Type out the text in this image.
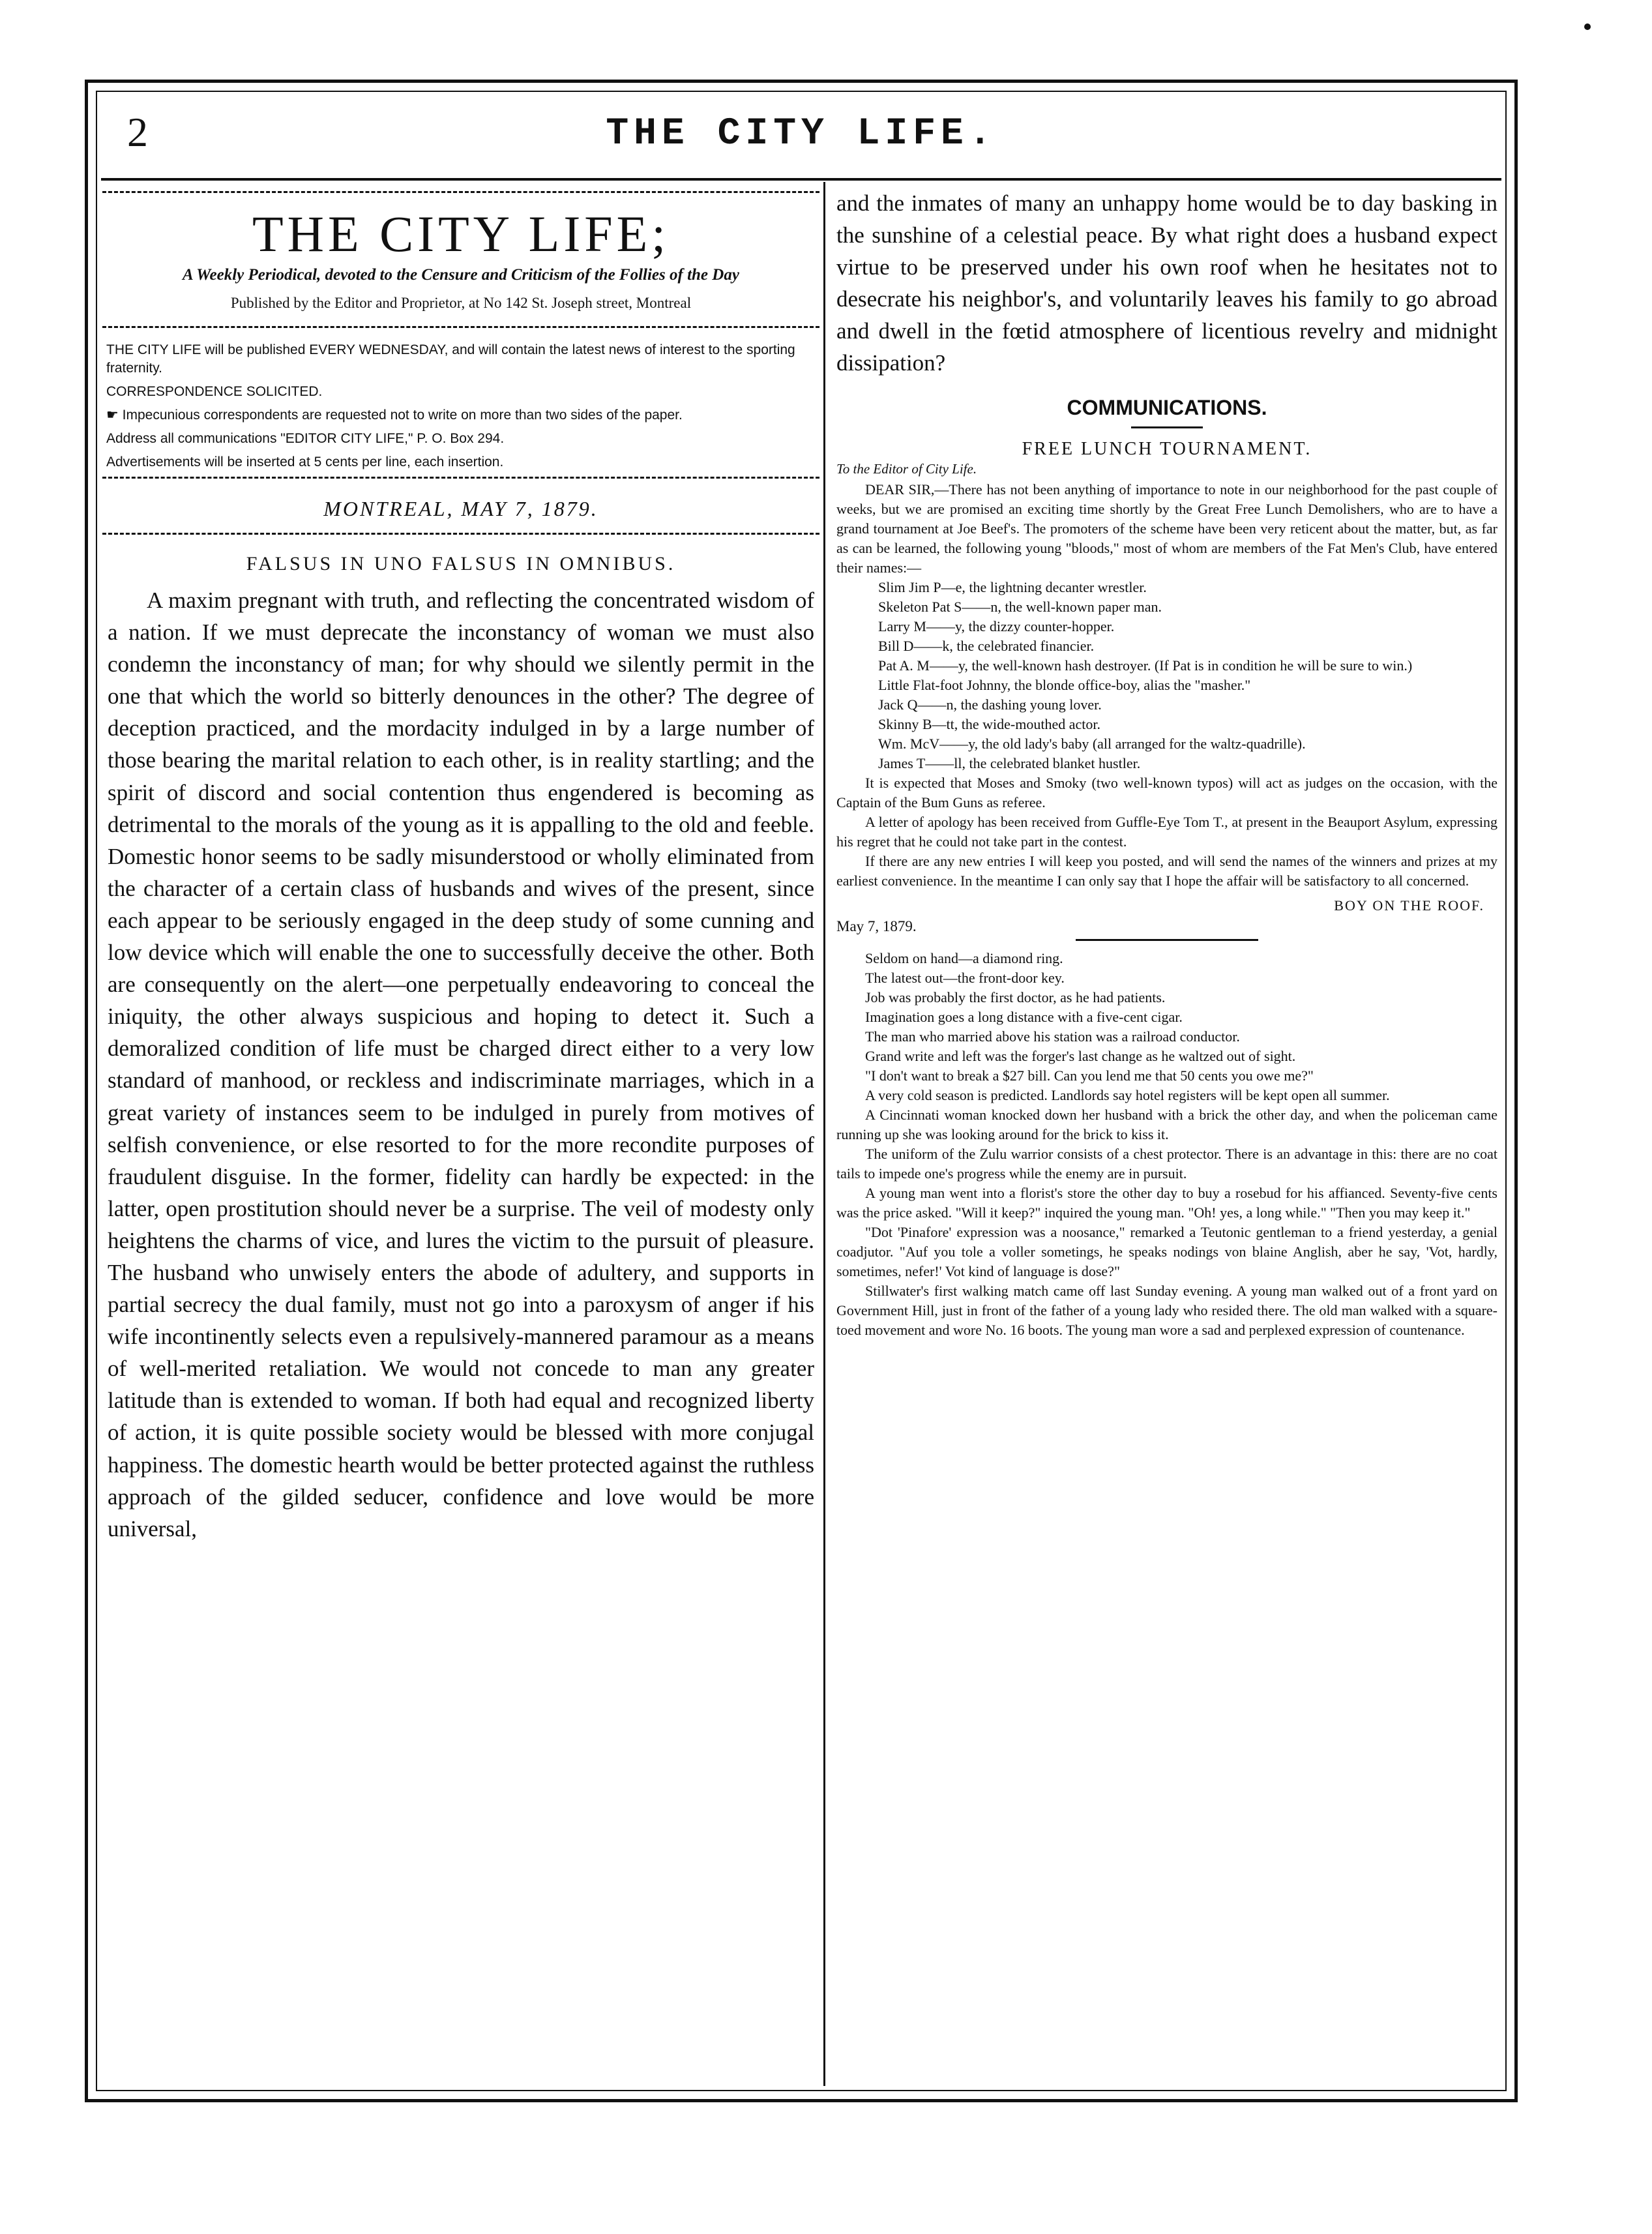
2	THE CITY LIFE.
THE CITY LIFE;
A Weekly Periodical, devoted to the Censure and Criticism of the Follies of the Day
Published by the Editor and Proprietor, at No 142 St. Joseph street, Montreal
THE CITY LIFE will be published EVERY WEDNESDAY, and will contain the latest news of interest to the sporting fraternity.
CORRESPONDENCE SOLICITED.
☛ Impecunious correspondents are requested not to write on more than two sides of the paper.
Address all communications "EDITOR CITY LIFE," P. O. Box 294.
Advertisements will be inserted at 5 cents per line, each insertion.
MONTREAL, MAY 7, 1879.
FALSUS IN UNO FALSUS IN OMNIBUS.

A maxim pregnant with truth, and reflecting the concentrated wisdom of a nation. If we must deprecate the inconstancy of woman we must also condemn the inconstancy of man; for why should we silently permit in the one that which the world so bitterly denounces in the other? The degree of deception practiced, and the mordacity indulged in by a large number of those bearing the marital relation to each other, is in reality startling; and the spirit of discord and social contention thus engendered is becoming as detrimental to the morals of the young as it is appalling to the old and feeble. Domestic honor seems to be sadly misunderstood or wholly eliminated from the character of a certain class of husbands and wives of the present, since each appear to be seriously engaged in the deep study of some cunning and low device which will enable the one to successfully deceive the other. Both are consequently on the alert—one perpetually endeavoring to conceal the iniquity, the other always suspicious and hoping to detect it. Such a demoralized condition of life must be charged direct either to a very low standard of manhood, or reckless and indiscriminate marriages, which in a great variety of instances seem to be indulged in purely from motives of selfish convenience, or else resorted to for the more recondite purposes of fraudulent disguise. In the former, fidelity can hardly be expected: in the latter, open prostitution should never be a surprise. The veil of modesty only heightens the charms of vice, and lures the victim to the pursuit of pleasure. The husband who unwisely enters the abode of adultery, and supports in partial secrecy the dual family, must not go into a paroxysm of anger if his wife incontinently selects even a repulsively-mannered paramour as a means of well-merited retaliation. We would not concede to man any greater latitude than is extended to woman. If both had equal and recognized liberty of action, it is quite possible society would be blessed with more conjugal happiness. The domestic hearth would be better protected against the ruthless approach of the gilded seducer, confidence and love would be more universal,

and the inmates of many an unhappy home would be to day basking in the sunshine of a celestial peace. By what right does a husband expect virtue to be preserved under his own roof when he hesitates not to desecrate his neighbor's, and voluntarily leaves his family to go abroad and dwell in the fœtid atmosphere of licentious revelry and midnight dissipation?
COMMUNICATIONS.
FREE LUNCH TOURNAMENT.
To the Editor of City Life.

DEAR SIR,—There has not been anything of importance to note in our neighborhood for the past couple of weeks, but we are promised an exciting time shortly by the Great Free Lunch Demolishers, who are to have a grand tournament at Joe Beef's. The promoters of the scheme have been very reticent about the matter, but, as far as can be learned, the following young "bloods," most of whom are members of the Fat Men's Club, have entered their names:—

Slim Jim P—e, the lightning decanter wrestler.

Skeleton Pat S——n, the well-known paper man.

Larry M——y, the dizzy counter-hopper.

Bill D——k, the celebrated financier.

Pat A. M——y, the well-known hash destroyer. (If Pat is in condition he will be sure to win.)

Little Flat-foot Johnny, the blonde office-boy, alias the "masher."

Jack Q——n, the dashing young lover.

Skinny B—tt, the wide-mouthed actor.

Wm. McV——y, the old lady's baby (all arranged for the waltz-quadrille).

James T——ll, the celebrated blanket hustler.

It is expected that Moses and Smoky (two well-known typos) will act as judges on the occasion, with the Captain of the Bum Guns as referee.

A letter of apology has been received from Guffle-Eye Tom T., at present in the Beauport Asylum, expressing his regret that he could not take part in the contest.

If there are any new entries I will keep you posted, and will send the names of the winners and prizes at my earliest convenience. In the meantime I can only say that I hope the affair will be satisfactory to all concerned.

BOY ON THE ROOF.
May 7, 1879.

Seldom on hand—a diamond ring.

The latest out—the front-door key.

Job was probably the first doctor, as he had patients.

Imagination goes a long distance with a five-cent cigar.

The man who married above his station was a railroad conductor.

Grand write and left was the forger's last change as he waltzed out of sight.

"I don't want to break a $27 bill. Can you lend me that 50 cents you owe me?"

A very cold season is predicted. Landlords say hotel registers will be kept open all summer.

A Cincinnati woman knocked down her husband with a brick the other day, and when the policeman came running up she was looking around for the brick to kiss it.

The uniform of the Zulu warrior consists of a chest protector. There is an advantage in this: there are no coat tails to impede one's progress while the enemy are in pursuit.

A young man went into a florist's store the other day to buy a rosebud for his affianced. Seventy-five cents was the price asked. "Will it keep?" inquired the young man. "Oh! yes, a long while." "Then you may keep it."

"Dot 'Pinafore' expression was a noosance," remarked a Teutonic gentleman to a friend yesterday, a genial coadjutor. "Auf you tole a voller sometings, he speaks nodings von blaine Anglish, aber he say, 'Vot, hardly, sometimes, nefer!' Vot kind of language is dose?"

Stillwater's first walking match came off last Sunday evening. A young man walked out of a front yard on Government Hill, just in front of the father of a young lady who resided there. The old man walked with a square-toed movement and wore No. 16 boots. The young man wore a sad and perplexed expression of countenance.
